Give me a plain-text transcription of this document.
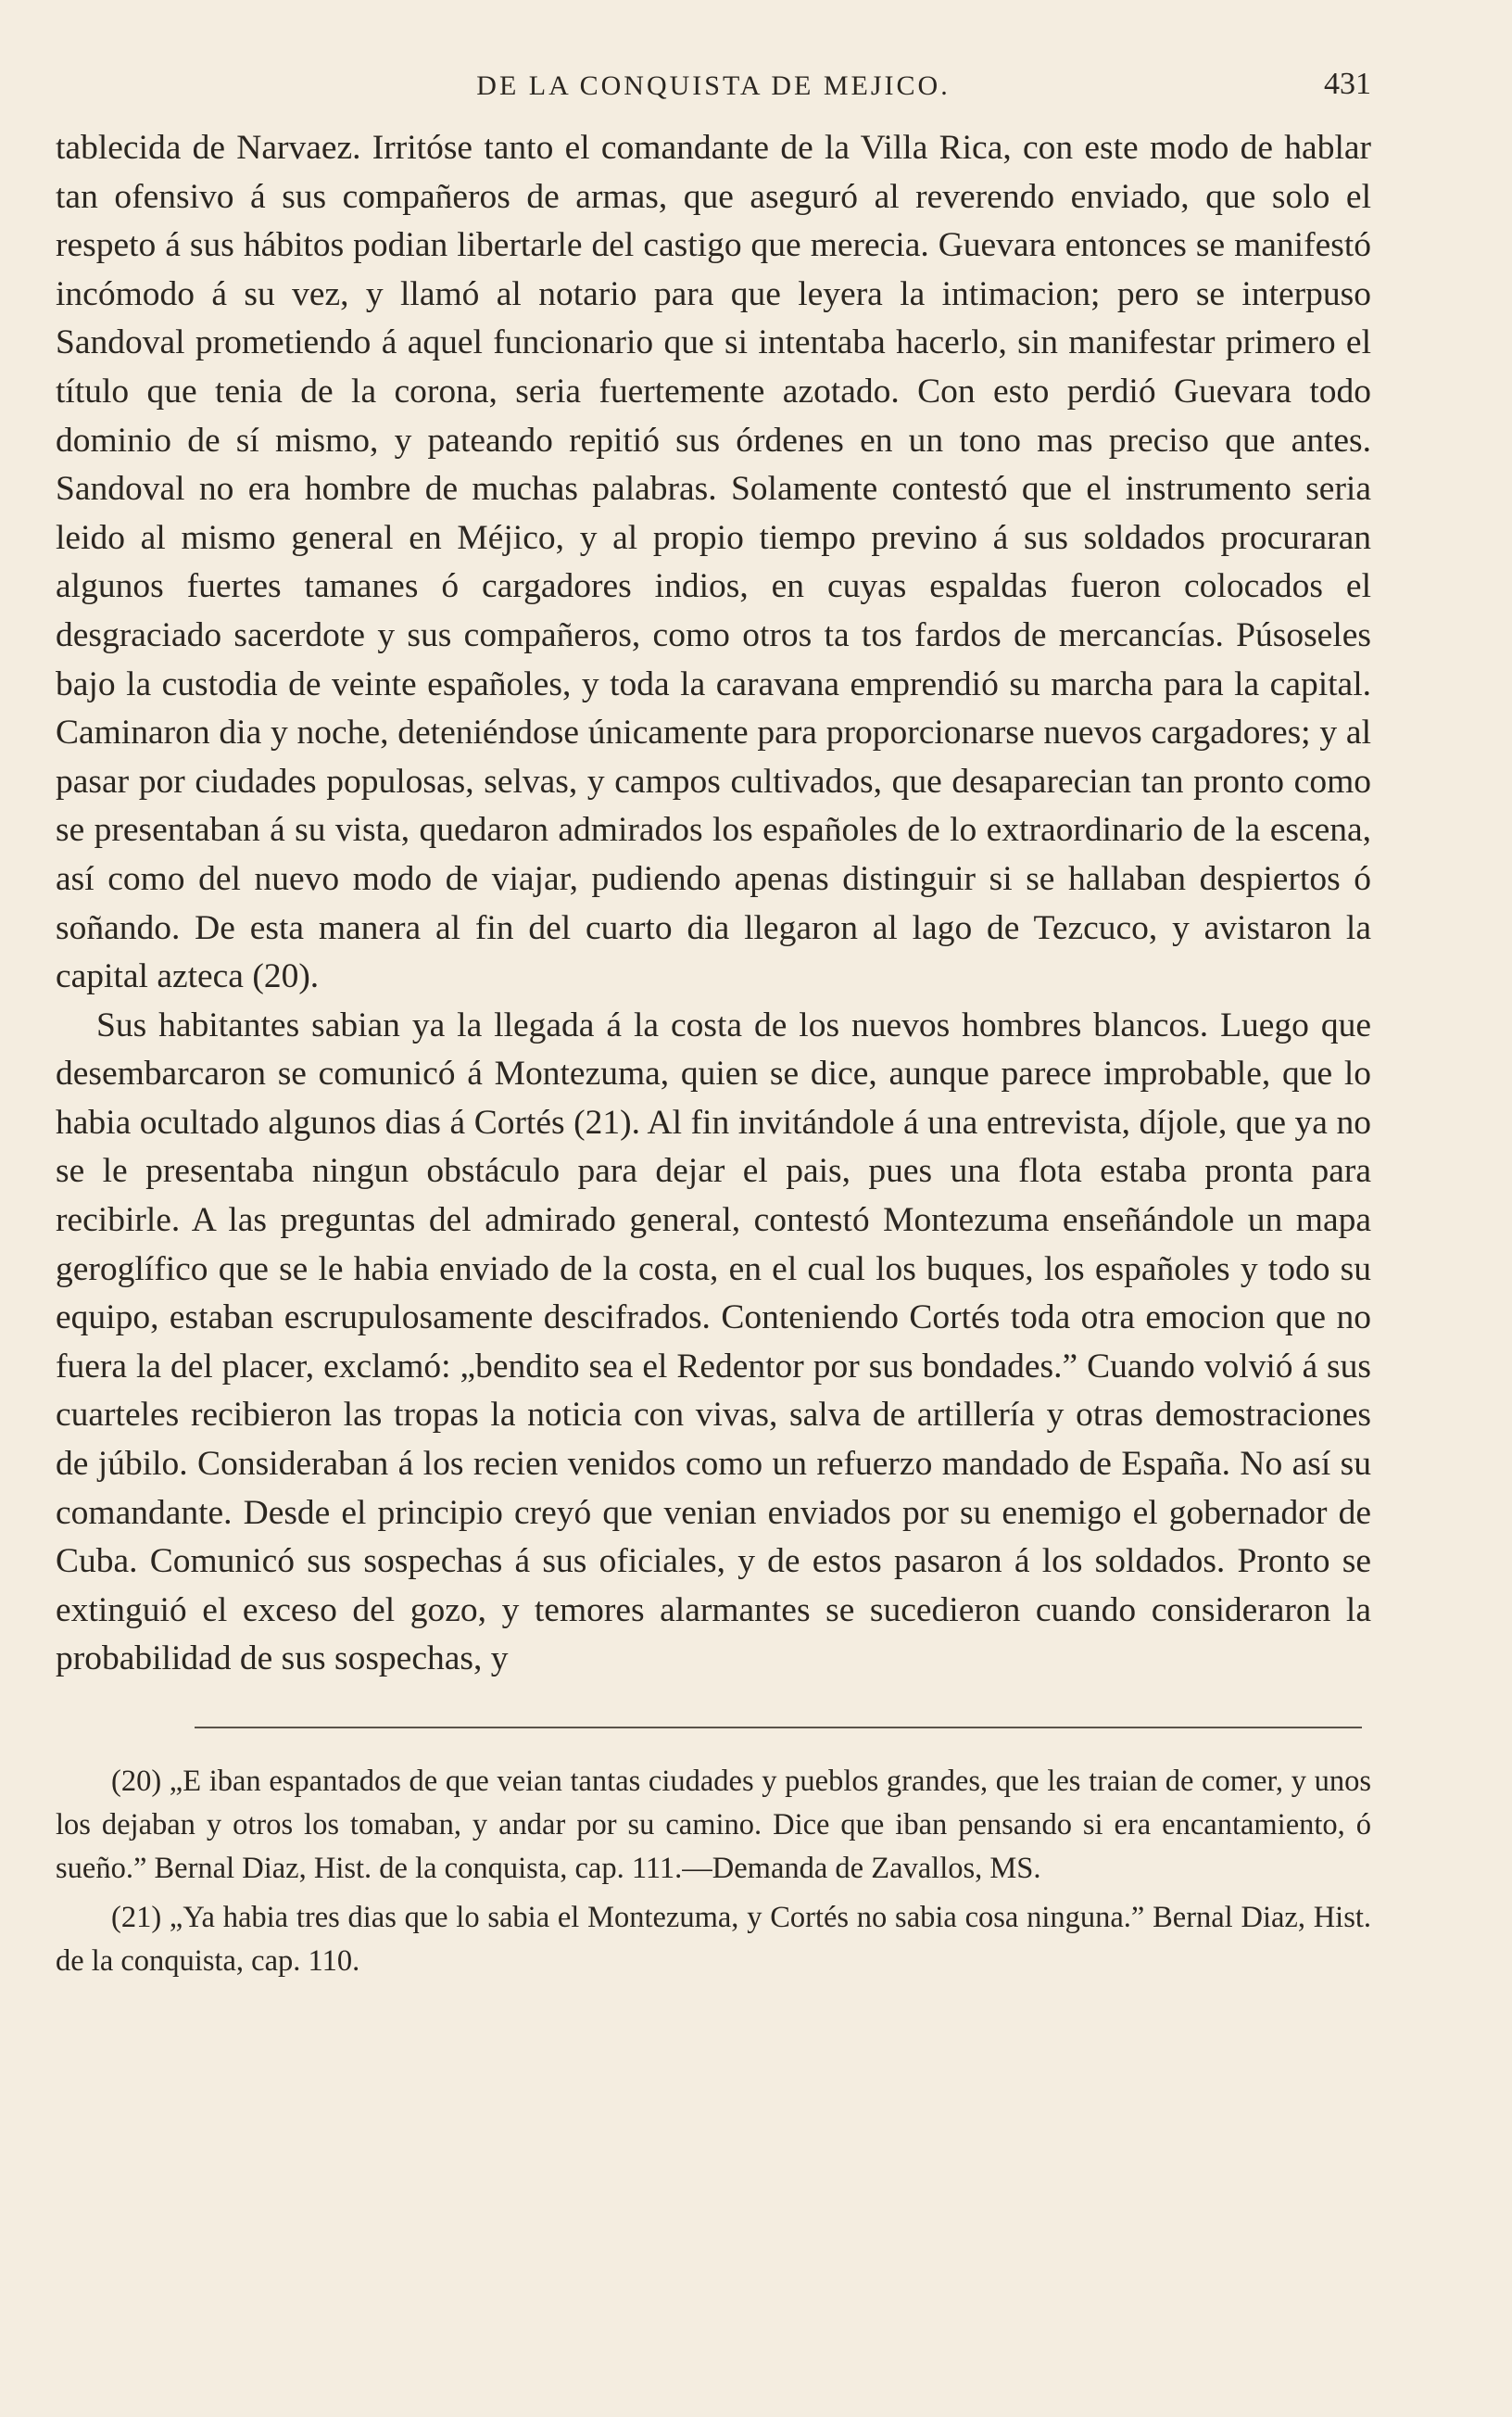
DE LA CONQUISTA DE MEJICO.	431

tablecida de Narvaez. Irritóse tanto el comandante de la Villa Rica, con este modo de hablar tan ofensivo á sus compañeros de armas, que aseguró al reverendo enviado, que solo el respeto á sus hábitos podian libertarle del castigo que merecia. Guevara entonces se manifestó incómodo á su vez, y llamó al notario para que leyera la intimacion; pero se interpuso Sandoval prometiendo á aquel funcionario que si intentaba hacerlo, sin manifestar primero el título que tenia de la corona, seria fuertemente azotado. Con esto perdió Guevara todo dominio de sí mismo, y pateando repitió sus órdenes en un tono mas preciso que antes. Sandoval no era hombre de muchas palabras. Solamente contestó que el instrumento seria leido al mismo general en Méjico, y al propio tiempo previno á sus soldados procuraran algunos fuertes tamanes ó cargadores indios, en cuyas espaldas fueron colocados el desgraciado sacerdote y sus compañeros, como otros ta tos fardos de mercancías. Púsoseles bajo la custodia de veinte españoles, y toda la caravana emprendió su marcha para la capital. Caminaron dia y noche, deteniéndose únicamente para proporcionarse nuevos cargadores; y al pasar por ciudades populosas, selvas, y campos cultivados, que desaparecian tan pronto como se presentaban á su vista, quedaron admirados los españoles de lo extraordinario de la escena, así como del nuevo modo de viajar, pudiendo apenas distinguir si se hallaban despiertos ó soñando. De esta manera al fin del cuarto dia llegaron al lago de Tezcuco, y avistaron la capital azteca (20).

Sus habitantes sabian ya la llegada á la costa de los nuevos hombres blancos. Luego que desembarcaron se comunicó á Montezuma, quien se dice, aunque parece improbable, que lo habia ocultado algunos dias á Cortés (21). Al fin invitándole á una entrevista, díjole, que ya no se le presentaba ningun obstáculo para dejar el pais, pues una flota estaba pronta para recibirle. A las preguntas del admirado general, contestó Montezuma enseñándole un mapa geroglífico que se le habia enviado de la costa, en el cual los buques, los españoles y todo su equipo, estaban escrupulosamente descifrados. Conteniendo Cortés toda otra emocion que no fuera la del placer, exclamó: „bendito sea el Redentor por sus bondades.” Cuando volvió á sus cuarteles recibieron las tropas la noticia con vivas, salva de artillería y otras demostraciones de júbilo. Consideraban á los recien venidos como un refuerzo mandado de España. No así su comandante. Desde el principio creyó que venian enviados por su enemigo el gobernador de Cuba. Comunicó sus sospechas á sus oficiales, y de estos pasaron á los soldados. Pronto se extinguió el exceso del gozo, y temores alarmantes se sucedieron cuando consideraron la probabilidad de sus sospechas, y

(20) „E iban espantados de que veian tantas ciudades y pueblos grandes, que les traian de comer, y unos los dejaban y otros los tomaban, y andar por su camino. Dice que iban pensando si era encantamiento, ó sueño.” Bernal Diaz, Hist. de la conquista, cap. 111.—Demanda de Zavallos, MS.

(21) „Ya habia tres dias que lo sabia el Montezuma, y Cortés no sabia cosa ninguna.” Bernal Diaz, Hist. de la conquista, cap. 110.
